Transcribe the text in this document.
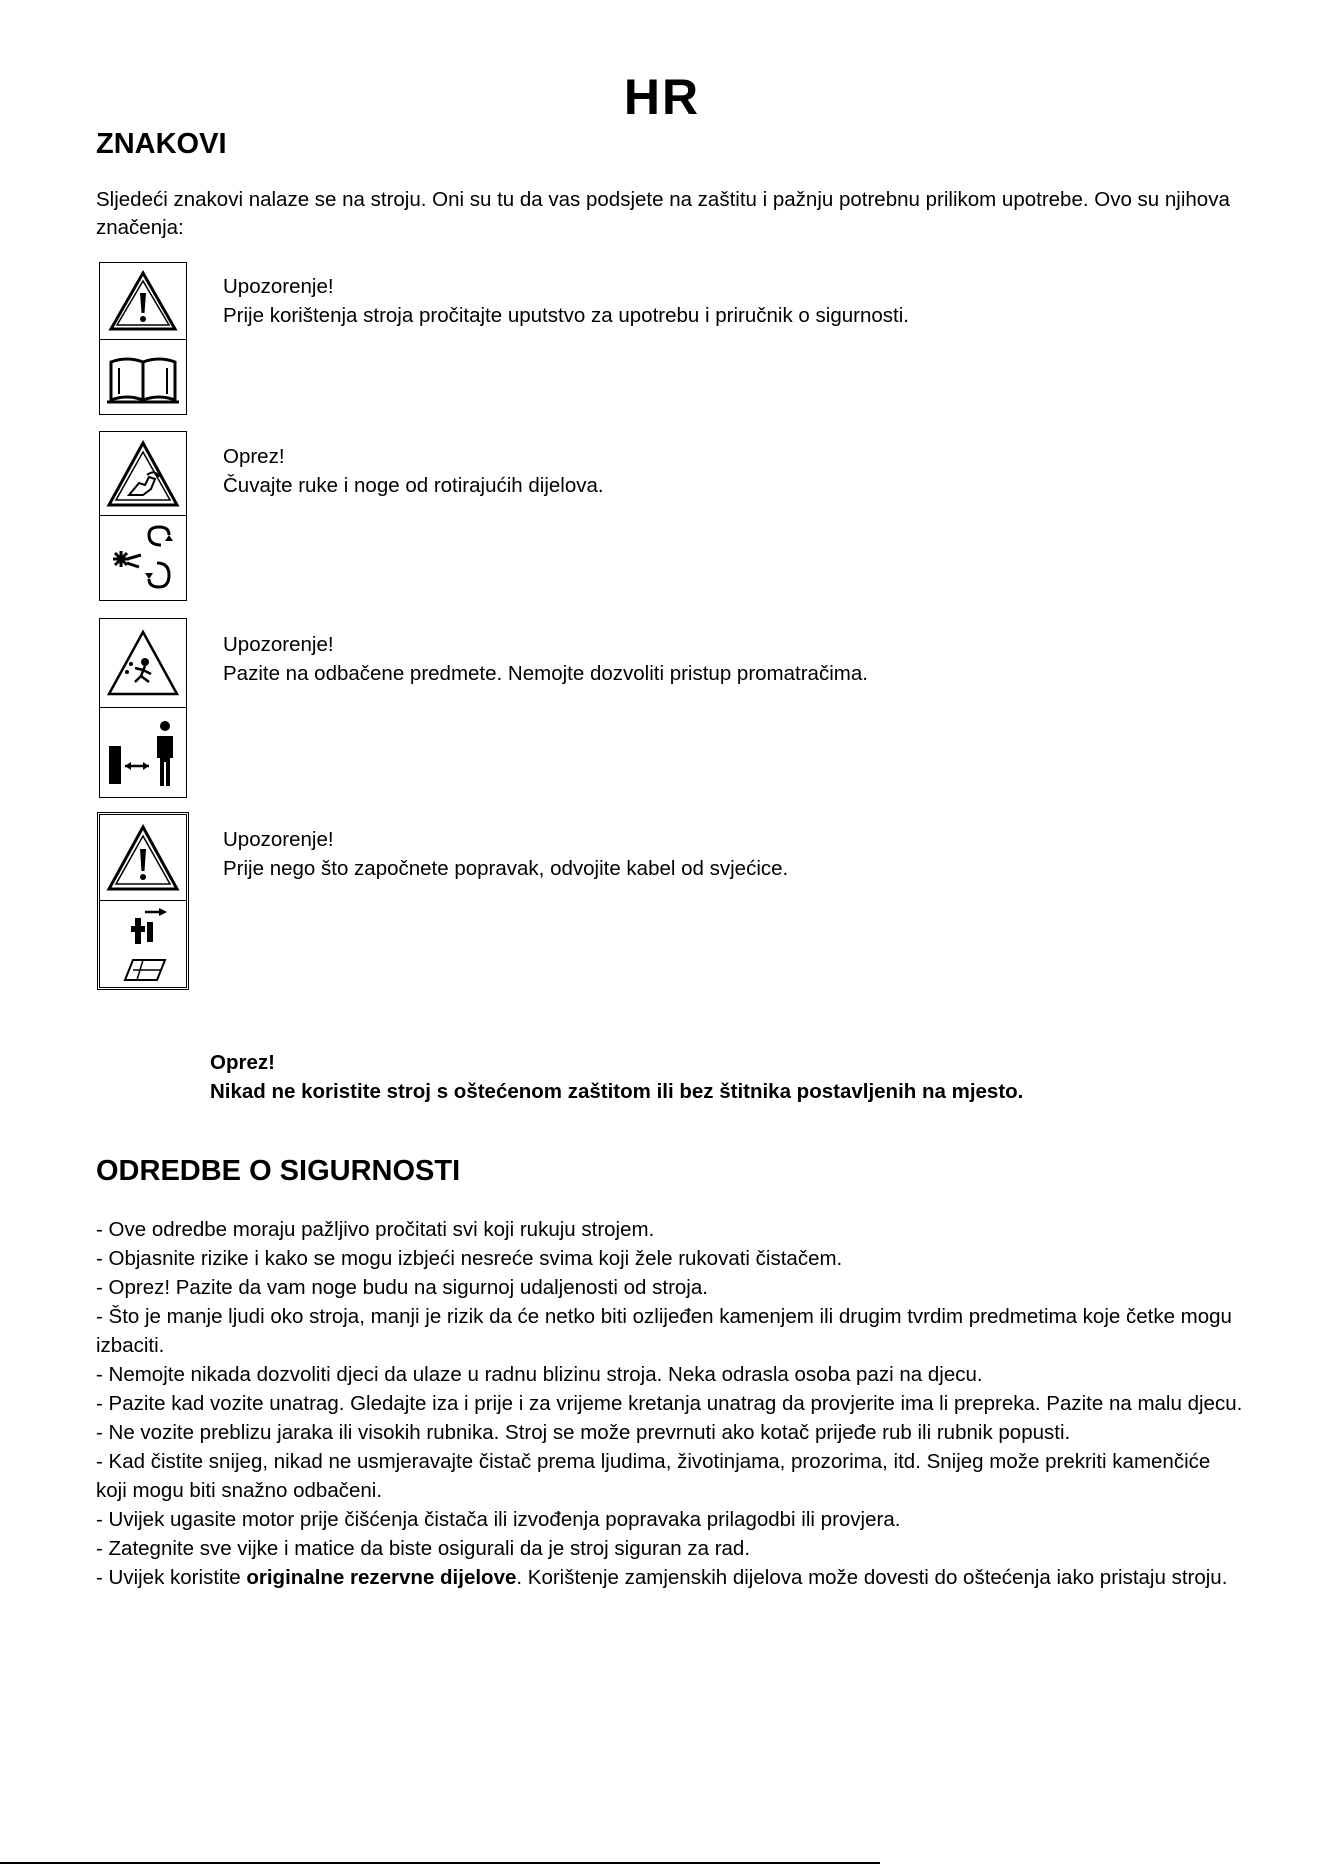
HR
ZNAKOVI

Sljedeći znakovi nalaze se na stroju. Oni su tu da vas podsjete na zaštitu i pažnju potrebnu prilikom upotrebe. Ovo su njihova značenja:

Upozorenje!
Prije korištenja stroja pročitajte uputstvo za upotrebu i priručnik o sigurnosti.
Oprez!
Čuvajte ruke i noge od rotirajućih dijelova.
Upozorenje!
Pazite na odbačene predmete. Nemojte dozvoliti pristup promatračima.
Upozorenje!
Prije nego što započnete popravak, odvojite kabel od svjećice.
Oprez!
Nikad ne koristite stroj s oštećenom zaštitom ili bez štitnika postavljenih na mjesto.
ODREDBE O SIGURNOSTI
- Ove odredbe moraju pažljivo pročitati svi koji rukuju strojem.
- Objasnite rizike i kako se mogu izbjeći nesreće svima koji žele rukovati čistačem.
- Oprez! Pazite da vam noge budu na sigurnoj udaljenosti od stroja.
- Što je manje ljudi oko stroja, manji je rizik da će netko biti ozlijeđen kamenjem ili drugim tvrdim predmetima koje četke mogu izbaciti.
- Nemojte nikada dozvoliti djeci da ulaze u radnu blizinu stroja. Neka odrasla osoba pazi na djecu.
- Pazite kad vozite unatrag. Gledajte iza i prije i za vrijeme kretanja unatrag da provjerite ima li prepreka. Pazite na malu djecu.
- Ne vozite preblizu jaraka ili visokih rubnika. Stroj se može prevrnuti ako kotač prijeđe rub ili rubnik popusti.
- Kad čistite snijeg, nikad ne usmjeravajte čistač prema ljudima, životinjama, prozorima, itd. Snijeg može prekriti kamenčiće koji mogu biti snažno odbačeni.
- Uvijek ugasite motor prije čišćenja čistača ili izvođenja popravaka prilagodbi ili provjera.
- Zategnite sve vijke i matice da biste osigurali da je stroj siguran za rad.
- Uvijek koristite originalne rezervne dijelove. Korištenje zamjenskih dijelova može dovesti do oštećenja iako pristaju stroju.
